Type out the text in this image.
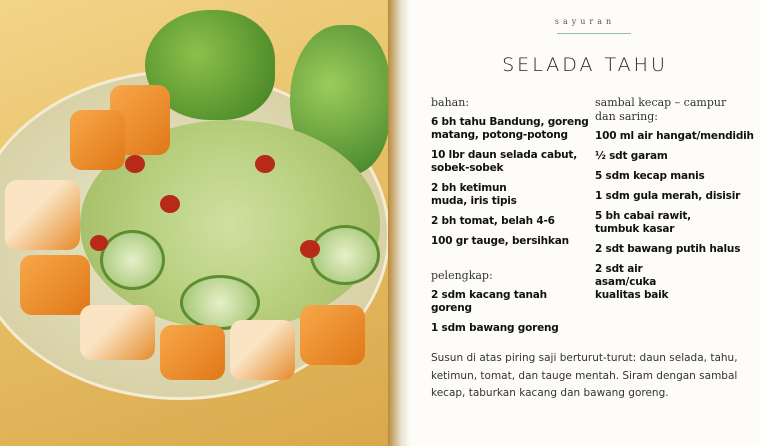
sayuran
SELADA TAHU
bahan:
6 bh tahu Bandung, goreng matang, potong-potong
10 lbr daun selada cabut, sobek-sobek
2 bh ketimun muda, iris tipis
2 bh tomat, belah 4-6
100 gr tauge, bersihkan
pelengkap:
2 sdm kacang tanah goreng
1 sdm bawang goreng
sambal kecap – campur dan saring:
100 ml air hangat/mendidih
½ sdt garam
5 sdm kecap manis
1 sdm gula merah, disisir
5 bh cabai rawit, tumbuk kasar
2 sdt bawang putih halus
2 sdt air asam/cuka kualitas baik
Susun di atas piring saji berturut-turut: daun selada, tahu, ketimun, tomat, dan tauge mentah. Siram dengan sambal kecap, taburkan kacang dan bawang goreng.
